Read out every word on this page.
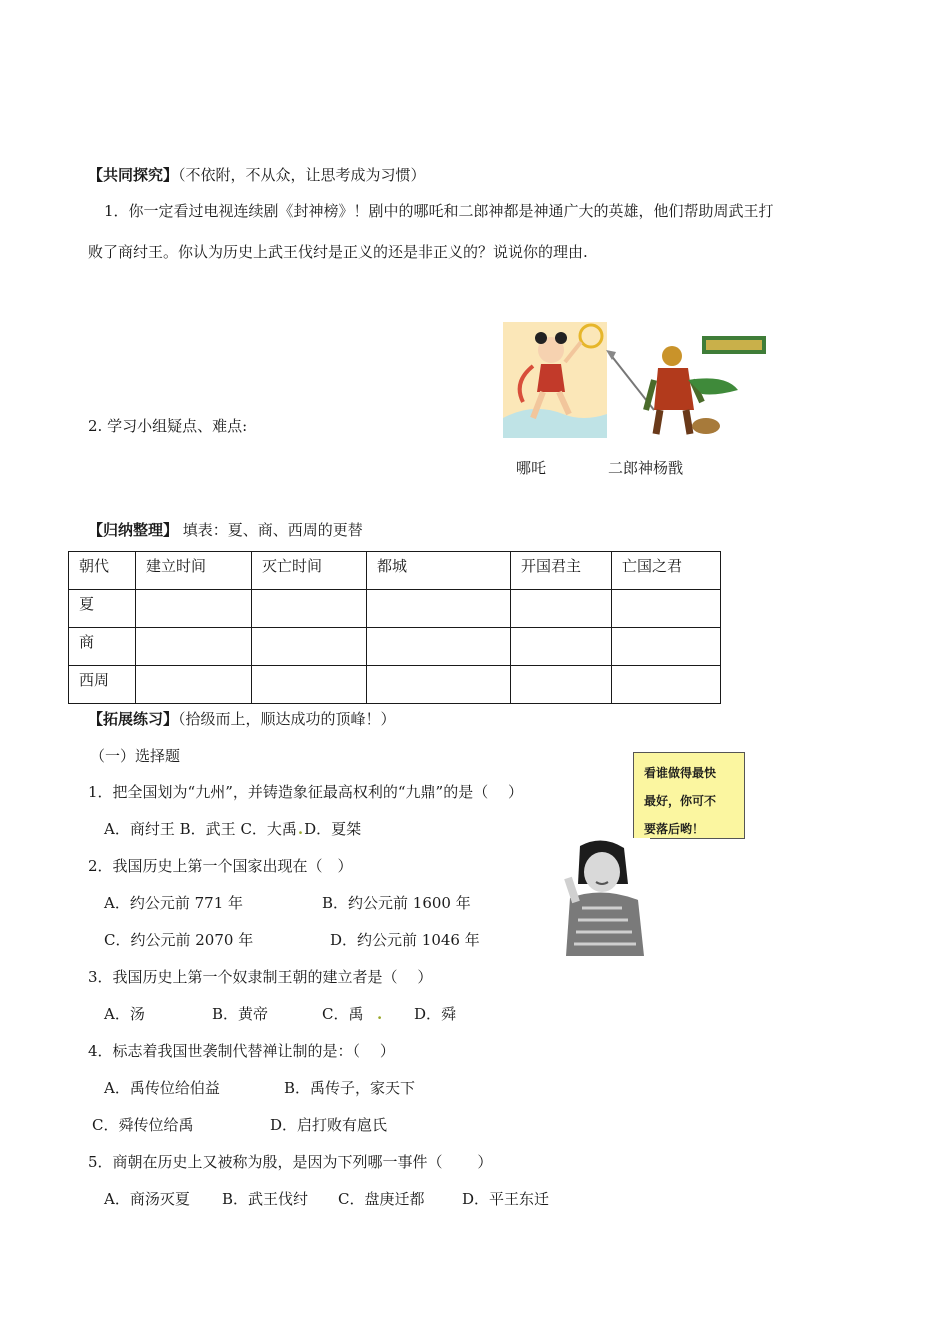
【共同探究】（不依附，不从众，让思考成为习惯）
1．你一定看过电视连续剧《封神榜》！剧中的哪吒和二郎神都是神通广大的英雄，他们帮助周武王打
败了商纣王。你认为历史上武王伐纣是正义的还是非正义的？说说你的理由.
2. 学习小组疑点、难点:
哪吒	二郎神杨戬
【归纳整理】 填表：夏、商、西周的更替
朝代	建立时间	灭亡时间	都城	开国君主	亡国之君
夏					
商					
西周					
【拓展练习】（拾级而上，顺达成功的顶峰！）
（一）选择题
1．把全国划为“九州”，并铸造象征最高权利的“九鼎”的是（　 ）
A．商纣王 B．武王 C．大禹.D．夏桀
2．我国历史上第一个国家出现在（　）
A．约公元前 771 年	B．约公元前 1600 年
C．约公元前 2070 年	D．约公元前 1046 年
3．我国历史上第一个奴隶制王朝的建立者是（　 ）
A．汤	B．黄帝	C．禹 . D．舜
4．标志着我国世袭制代替禅让制的是：（　 ）
A．禹传位给伯益	B．禹传子，家天下
C．舜传位给禹	D．启打败有扈氏
5．商朝在历史上又被称为殷，是因为下列哪一事件（　 　）
A．商汤灭夏 B．武王伐纣 C．盘庚迁都	D．平王东迁
看谁做得最快
最好，你可不
要落后哟！
